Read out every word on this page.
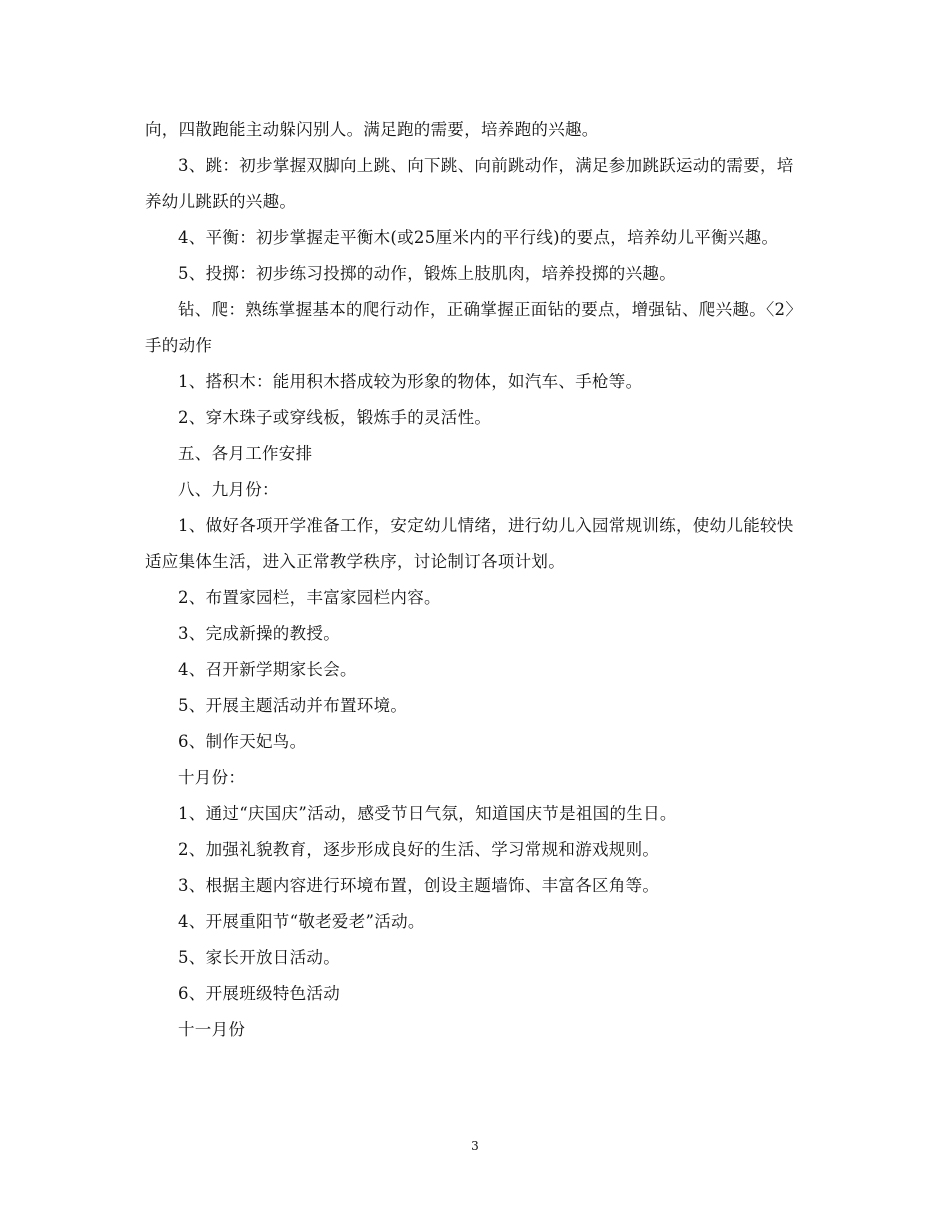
向，四散跑能主动躲闪别人。满足跑的需要，培养跑的兴趣。

3、跳：初步掌握双脚向上跳、向下跳、向前跳动作，满足参加跳跃运动的需要，培养幼儿跳跃的兴趣。

4、平衡：初步掌握走平衡木(或25厘米内的平行线)的要点，培养幼儿平衡兴趣。

5、投掷：初步练习投掷的动作，锻炼上肢肌肉，培养投掷的兴趣。

钻、爬：熟练掌握基本的爬行动作，正确掌握正面钻的要点，增强钻、爬兴趣。〈2〉手的动作

1、搭积木：能用积木搭成较为形象的物体，如汽车、手枪等。

2、穿木珠子或穿线板，锻炼手的灵活性。

五、各月工作安排

八、九月份：

1、做好各项开学准备工作，安定幼儿情绪，进行幼儿入园常规训练，使幼儿能较快适应集体生活，进入正常教学秩序，讨论制订各项计划。

2、布置家园栏，丰富家园栏内容。

3、完成新操的教授。

4、召开新学期家长会。

5、开展主题活动并布置环境。

6、制作天妃鸟。

十月份：

1、通过“庆国庆”活动，感受节日气氛，知道国庆节是祖国的生日。

2、加强礼貌教育，逐步形成良好的生活、学习常规和游戏规则。

3、根据主题内容进行环境布置，创设主题墙饰、丰富各区角等。

4、开展重阳节“敬老爱老”活动。

5、家长开放日活动。

6、开展班级特色活动

十一月份

3
